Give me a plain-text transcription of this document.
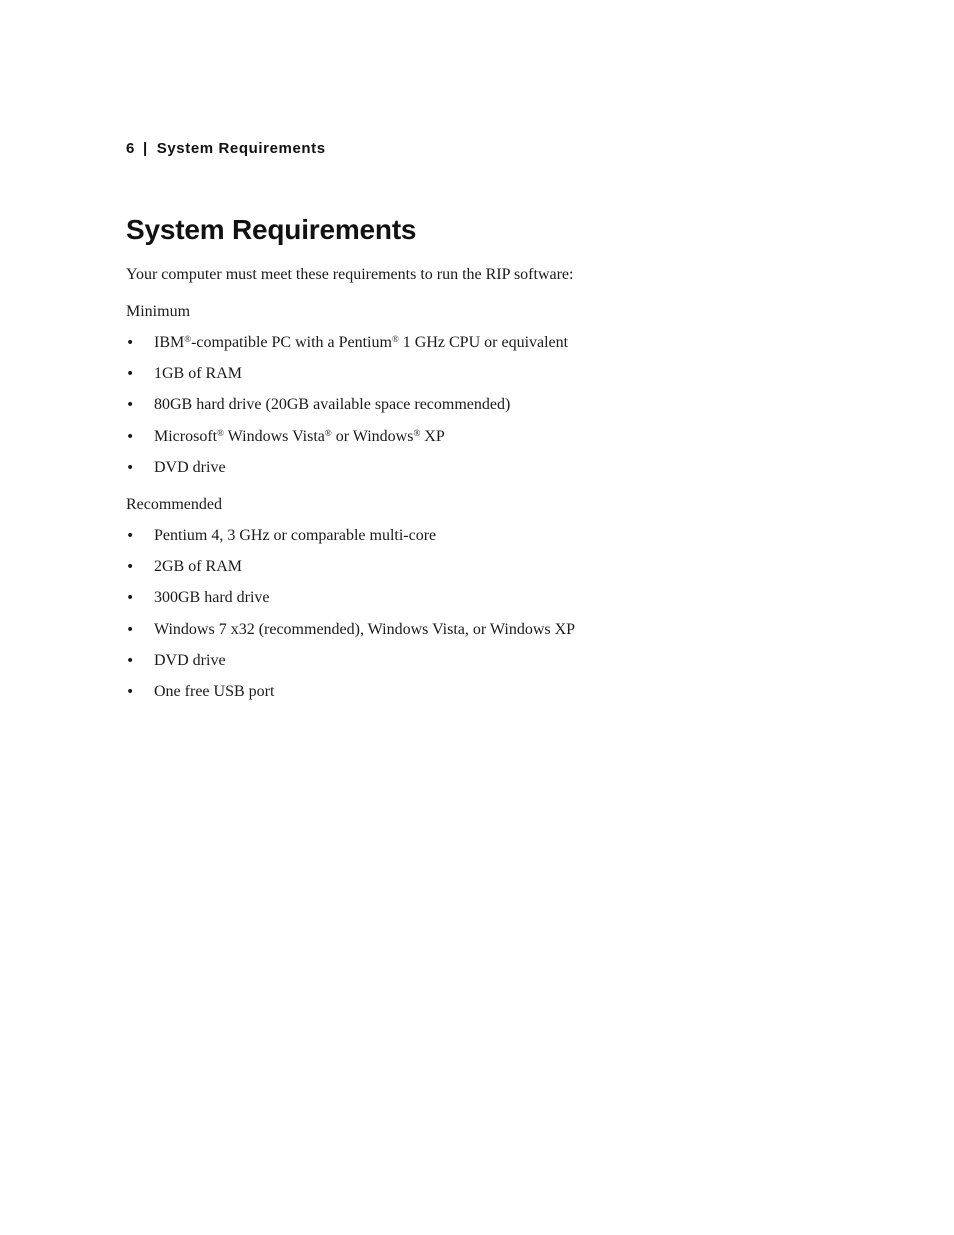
6 | System Requirements
System Requirements
Your computer must meet these requirements to run the RIP software:
Minimum
• IBM®-compatible PC with a Pentium® 1 GHz CPU or equivalent
• 1GB of RAM
• 80GB hard drive (20GB available space recommended)
• Microsoft® Windows Vista® or Windows® XP
• DVD drive
Recommended
• Pentium 4, 3 GHz or comparable multi-core
• 2GB of RAM
• 300GB hard drive
• Windows 7 x32 (recommended), Windows Vista, or Windows XP
• DVD drive
• One free USB port
